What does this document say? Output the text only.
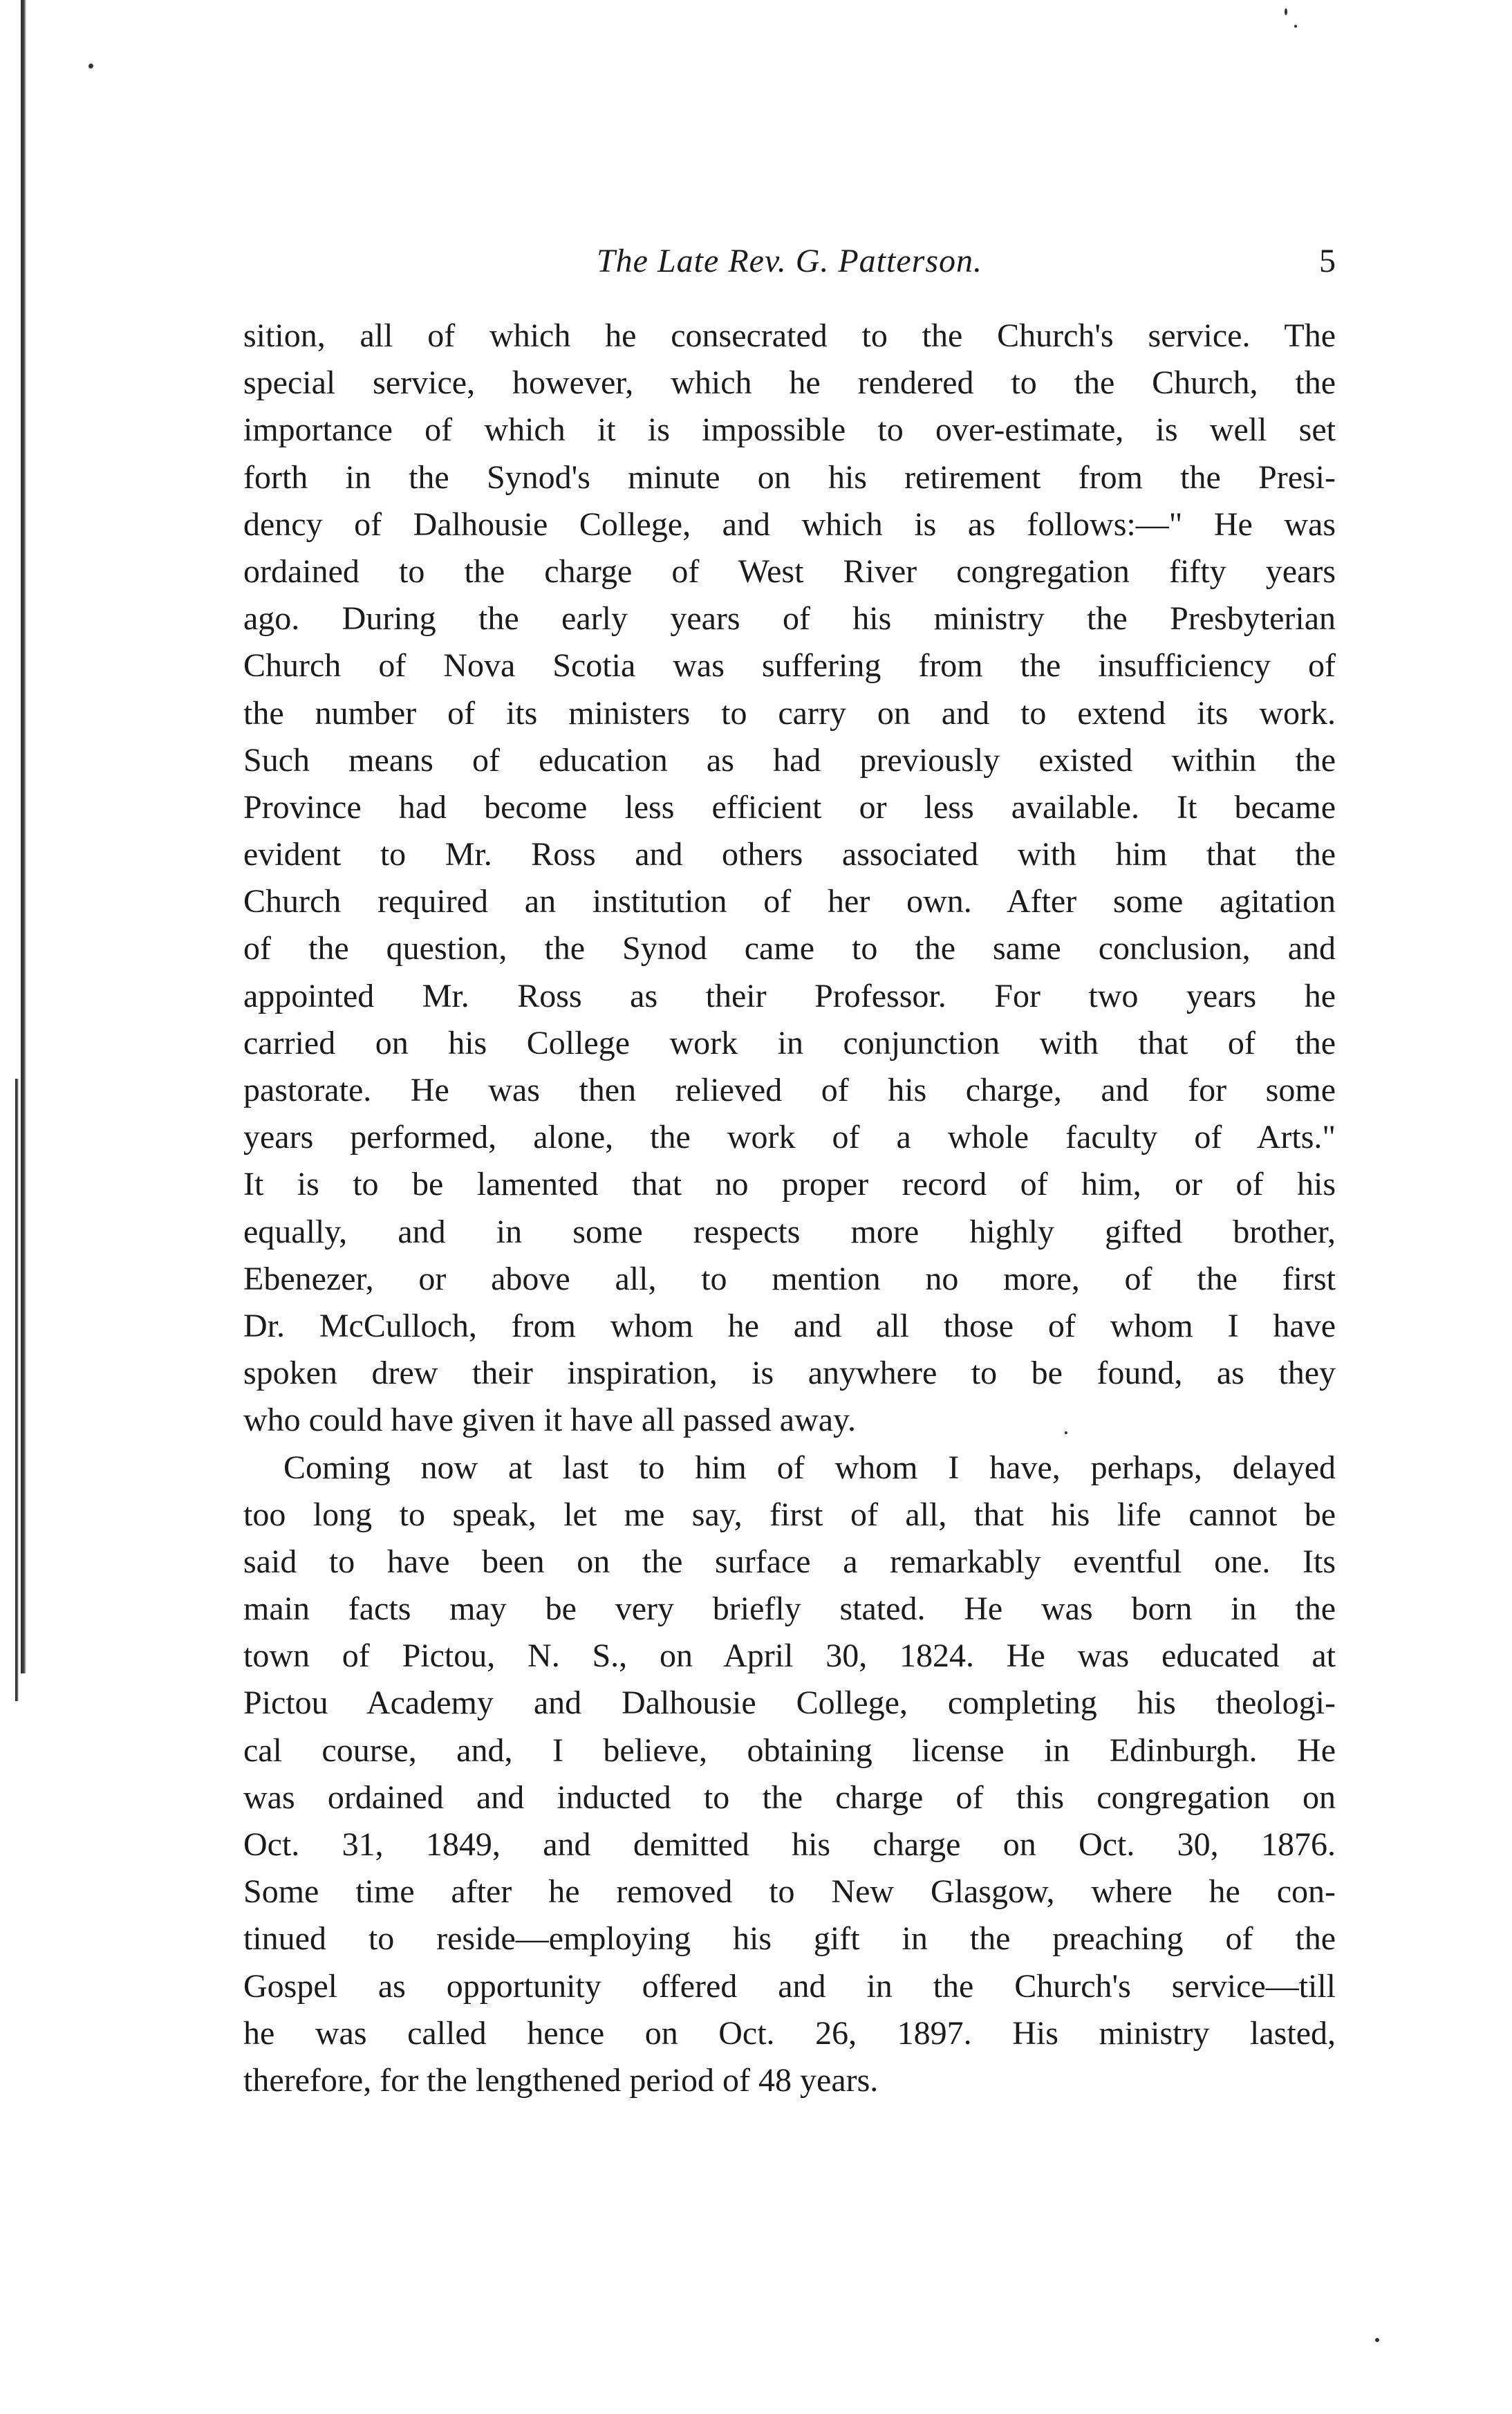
The Late Rev. G. Patterson.	5
sition, all of which he consecrated to the Church's service. The
special service, however, which he rendered to the Church, the
importance of which it is impossible to over-estimate, is well set
forth in the Synod's minute on his retirement from the Presi-
dency of Dalhousie College, and which is as follows:—" He was
ordained to the charge of West River congregation fifty years
ago. During the early years of his ministry the Presbyterian
Church of Nova Scotia was suffering from the insufficiency of
the number of its ministers to carry on and to extend its work.
Such means of education as had previously existed within the
Province had become less efficient or less available. It became
evident to Mr. Ross and others associated with him that the
Church required an institution of her own. After some agitation
of the question, the Synod came to the same conclusion, and
appointed Mr. Ross as their Professor. For two years he
carried on his College work in conjunction with that of the
pastorate. He was then relieved of his charge, and for some
years performed, alone, the work of a whole faculty of Arts."
It is to be lamented that no proper record of him, or of his
equally, and in some respects more highly gifted brother,
Ebenezer, or above all, to mention no more, of the first
Dr. McCulloch, from whom he and all those of whom I have
spoken drew their inspiration, is anywhere to be found, as they
who could have given it have all passed away.
Coming now at last to him of whom I have, perhaps, delayed
too long to speak, let me say, first of all, that his life cannot be
said to have been on the surface a remarkably eventful one. Its
main facts may be very briefly stated. He was born in the
town of Pictou, N. S., on April 30, 1824. He was educated at
Pictou Academy and Dalhousie College, completing his theologi-
cal course, and, I believe, obtaining license in Edinburgh. He
was ordained and inducted to the charge of this congregation on
Oct. 31, 1849, and demitted his charge on Oct. 30, 1876.
Some time after he removed to New Glasgow, where he con-
tinued to reside—employing his gift in the preaching of the
Gospel as opportunity offered and in the Church's service—till
he was called hence on Oct. 26, 1897. His ministry lasted,
therefore, for the lengthened period of 48 years.
